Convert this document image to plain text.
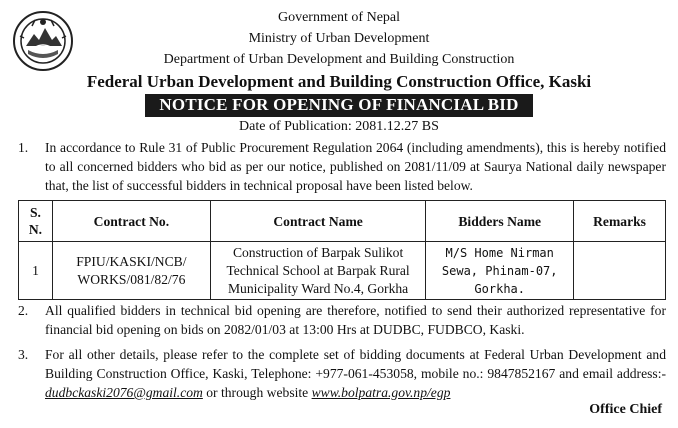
Government of Nepal
Ministry of Urban Development
Department of Urban Development and Building Construction
Federal Urban Development and Building Construction Office, Kaski
NOTICE FOR OPENING OF FINANCIAL BID
Date of Publication: 2081.12.27 BS
1. In accordance to Rule 31 of Public Procurement Regulation 2064 (including amendments), this is hereby notified to all concerned bidders who bid as per our notice, published on 2081/11/09 at Saurya National daily newspaper that, the list of successful bidders in technical proposal have been listed below.
S. N.	Contract No.	Contract Name	Bidders Name	Remarks
1	FPIU/KASKI/NCB/ WORKS/081/82/76	Construction of Barpak Sulikot Technical School at Barpak Rural Municipality Ward No.4, Gorkha	M/S Home Nirman Sewa, Phinam-07, Gorkha.	
2. All qualified bidders in technical bid opening are therefore, notified to send their authorized representative for financial bid opening on bids on 2082/01/03 at 13:00 Hrs at DUDBC, FUDBCO, Kaski.
3. For all other details, please refer to the complete set of bidding documents at Federal Urban Development and Building Construction Office, Kaski, Telephone: +977-061-453058, mobile no.: 9847852167 and email address:-dudbckaski2076@gmail.com or through website www.bolpatra.gov.np/egp
Office Chief
